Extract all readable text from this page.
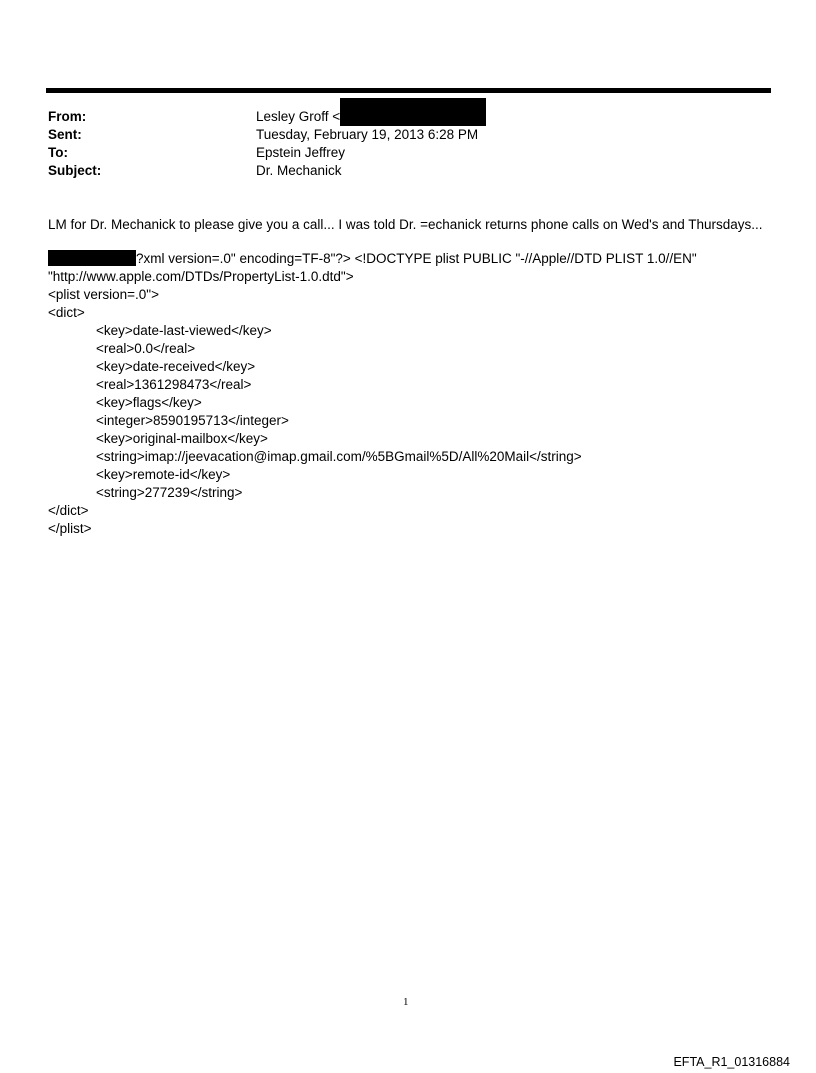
From:	Lesley Groff <
Sent:	Tuesday, February 19, 2013 6:28 PM
To:	Epstein Jeffrey
Subject:	Dr. Mechanick
LM for Dr. Mechanick to please give you a call... I was told Dr. =echanick returns phone calls on Wed's and Thursdays...
?xml version=.0" encoding=TF-8"?> <!DOCTYPE plist PUBLIC "-//Apple//DTD PLIST 1.0//EN"
"http://www.apple.com/DTDs/PropertyList-1.0.dtd">
<plist version=.0">
<dict>
<key>date-last-viewed</key>
<real>0.0</real>
<key>date-received</key>
<real>1361298473</real>
<key>flags</key>
<integer>8590195713</integer>
<key>original-mailbox</key>
<string>imap://jeevacation@imap.gmail.com/%5BGmail%5D/All%20Mail</string>
<key>remote-id</key>
<string>277239</string>
</dict>
</plist>
1
EFTA_R1_01316884
